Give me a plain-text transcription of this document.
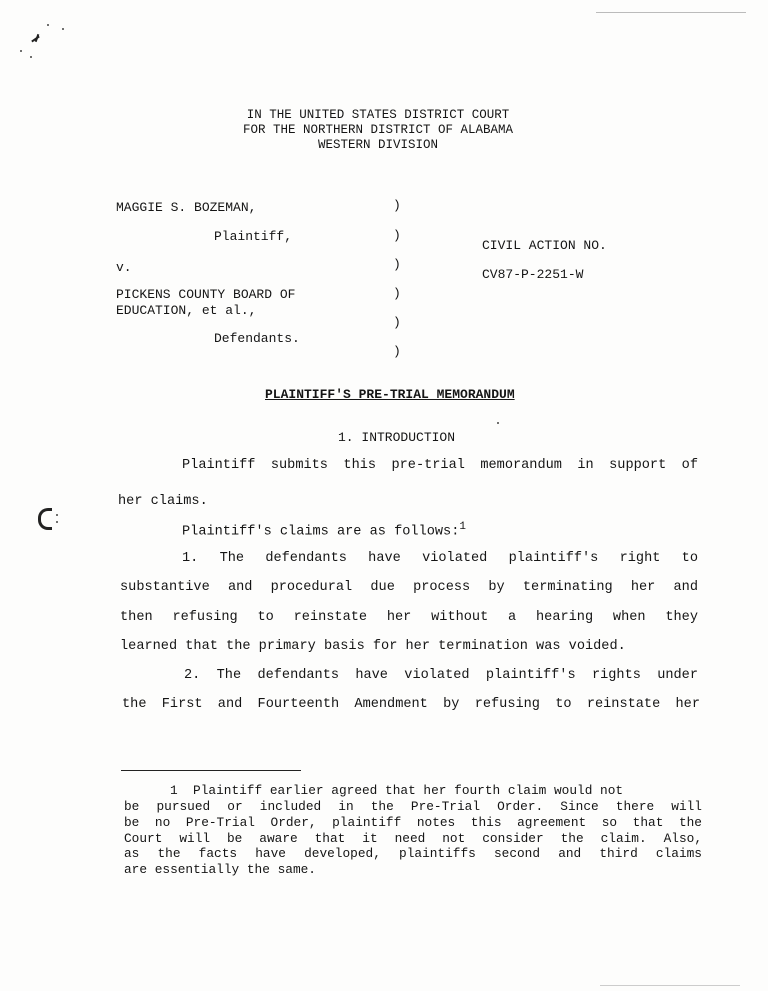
IN THE UNITED STATES DISTRICT COURT
FOR THE NORTHERN DISTRICT OF ALABAMA
WESTERN DIVISION
MAGGIE S. BOZEMAN,
Plaintiff,
v.
PICKENS COUNTY BOARD OF
EDUCATION, et al.,
Defendants.
)
)
)
)
)
)
CIVIL ACTION NO.
CV87-P-2251-W
PLAINTIFF'S PRE-TRIAL MEMORANDUM
1. INTRODUCTION
Plaintiff submits this pre-trial memorandum in support of
her claims.
Plaintiff's claims are as follows:$^1$
1. The defendants have violated plaintiff's right to
substantive and procedural due process by terminating her and
then refusing to reinstate her without a hearing when they
learned that the primary basis for her termination was voided.
2. The defendants have violated plaintiff's rights under
the First and Fourteenth Amendment by refusing to reinstate her
1 Plaintiff earlier agreed that her fourth claim would not
be pursued or included in the Pre-Trial Order. Since there will
be no Pre-Trial Order, plaintiff notes this agreement so that the
Court will be aware that it need not consider the claim. Also,
as the facts have developed, plaintiffs second and third claims
are essentially the same.
